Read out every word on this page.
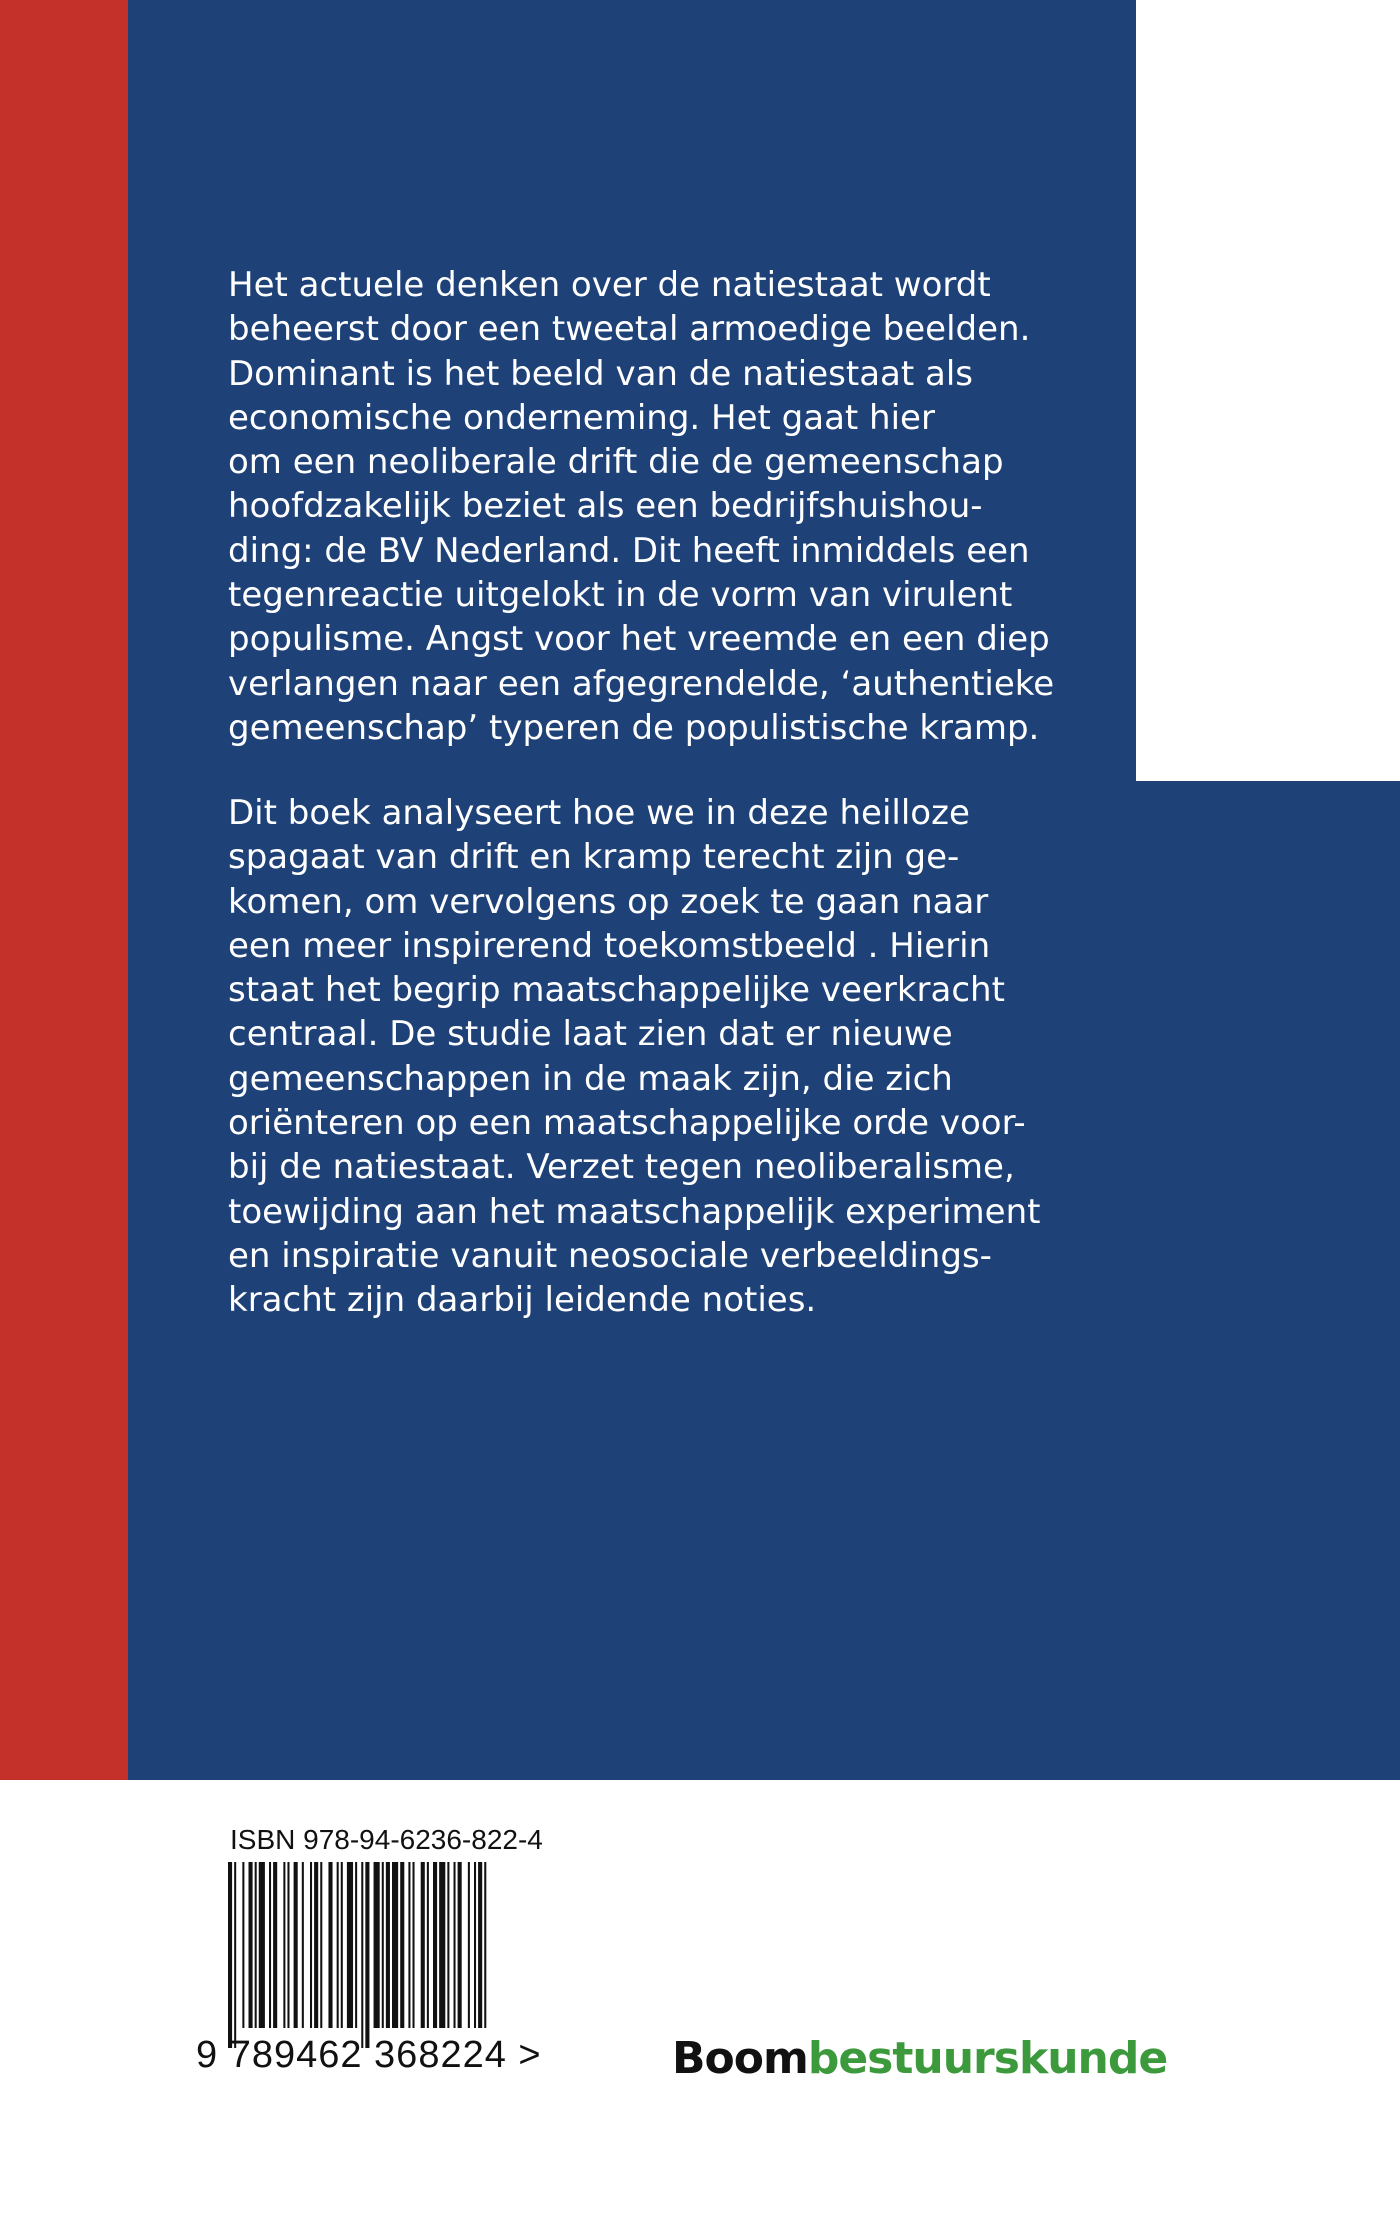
Het actuele denken over de natiestaat wordt
beheerst door een tweetal armoedige beelden.
Dominant is het beeld van de natiestaat als
economische onderneming. Het gaat hier
om een neoliberale drift die de gemeenschap
hoofdzakelijk beziet als een bedrijfshuishou-
ding: de BV Nederland. Dit heeft inmiddels een
tegenreactie uitgelokt in de vorm van virulent
populisme. Angst voor het vreemde en een diep
verlangen naar een afgegrendelde, ‘authentieke
gemeenschap’ typeren de populistische kramp.
Dit boek analyseert hoe we in deze heilloze
spagaat van drift en kramp terecht zijn ge-
komen, om vervolgens op zoek te gaan naar
een meer inspirerend toekomstbeeld . Hierin
staat het begrip maatschappelijke veerkracht
centraal. De studie laat zien dat er nieuwe
gemeenschappen in de maak zijn, die zich
oriënteren op een maatschappelijke orde voor-
bij de natiestaat. Verzet tegen neoliberalisme,
toewijding aan het maatschappelijk experiment
en inspiratie vanuit neosociale verbeeldings-
kracht zijn daarbij leidende noties.
ISBN 978-94-6236-822-4
9 789462 368224 >	Boombestuurskunde
